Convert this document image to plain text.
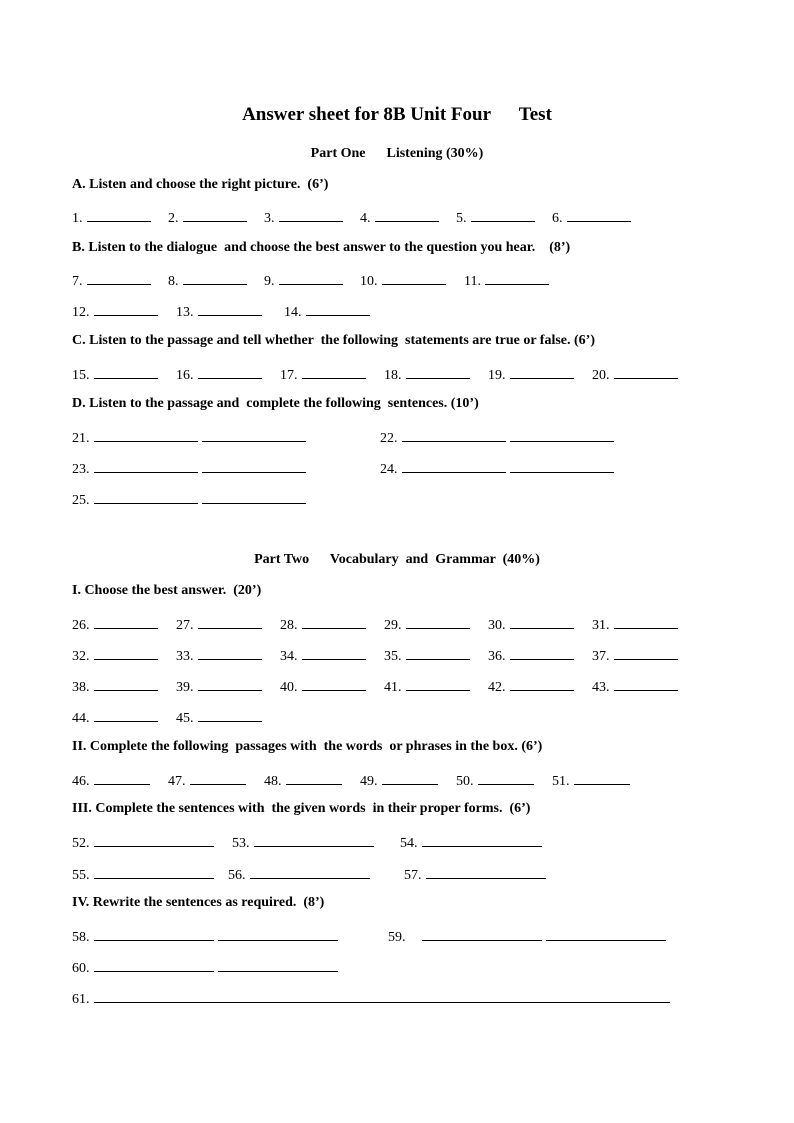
Answer sheet for 8B Unit Four      Test
Part One      Listening (30%)
A. Listen and choose the right picture.  (6’)
1.	2.	3.	4.	5.	6.
B. Listen to the dialogue  and choose the best answer to the question you hear.    (8’)
7.	8.	9.	10.	11.
12.	13.	14.
C. Listen to the passage and tell whether  the following  statements are true or false. (6’)
15.	16.	17.	18.	19.	20.
D. Listen to the passage and  complete the following  sentences. (10’)
21.	22.
23.	24.
25.
Part Two      Vocabulary  and  Grammar  (40%)
I. Choose the best answer.  (20’)
26.	27.	28.	29.	30.	31.
32.	33.	34.	35.	36.	37.
38.	39.	40.	41.	42.	43.
44.	45.
II. Complete the following  passages with  the words  or phrases in the box. (6’)
46.	47.	48.	49.	50.	51.
III. Complete the sentences with  the given words  in their proper forms.  (6’)
52.	53.	54.
55.	56.	57.
IV. Rewrite the sentences as required.  (8’)
58.	59.
60.
61.
